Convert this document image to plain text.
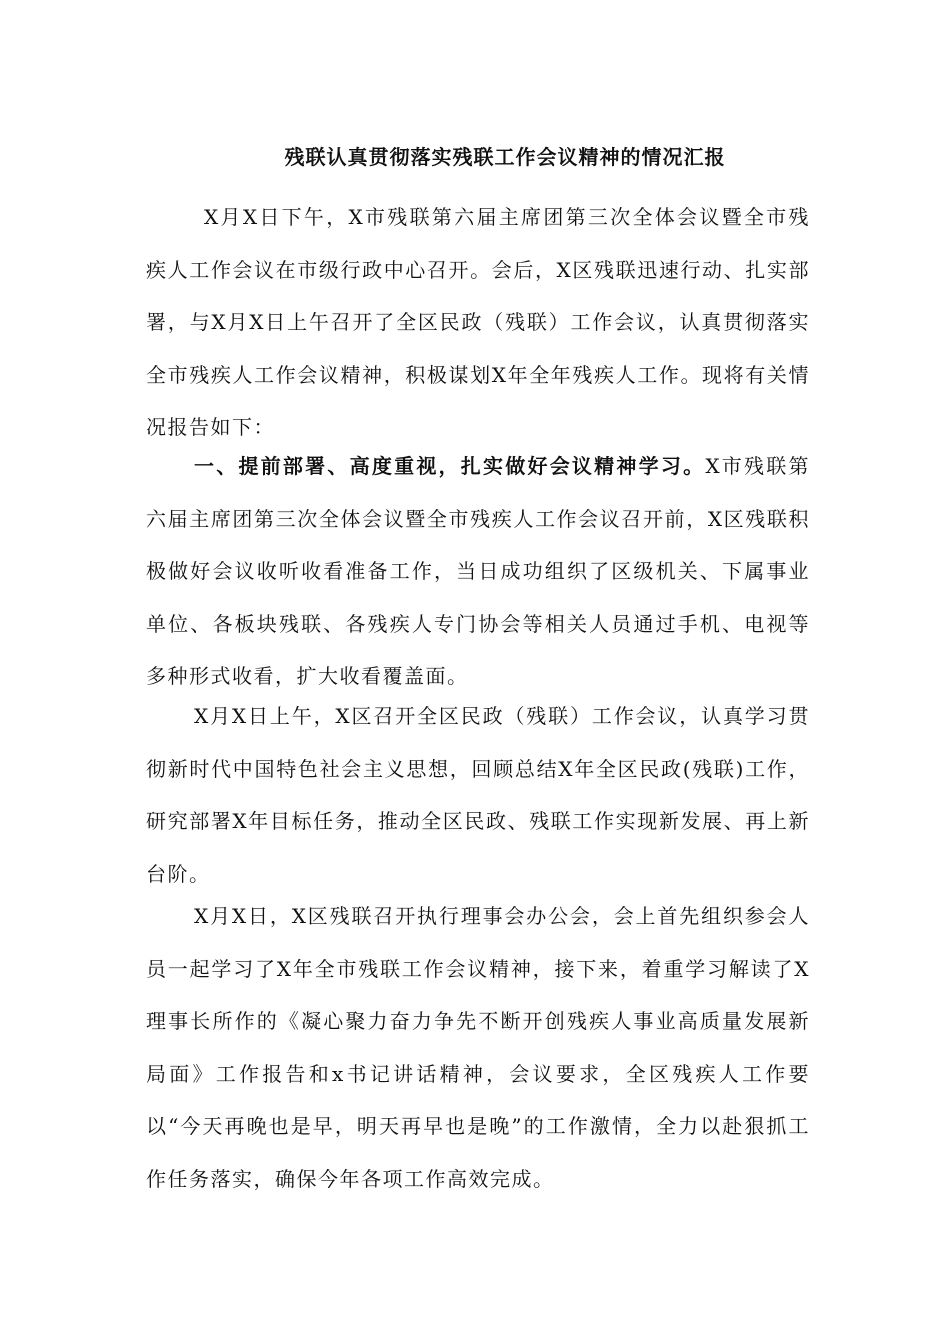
残联认真贯彻落实残联工作会议精神的情况汇报

X月X日下午，X市残联第六届主席团第三次全体会议暨全市残疾人工作会议在市级行政中心召开。会后，X区残联迅速行动、扎实部署，与X月X日上午召开了全区民政（残联）工作会议，认真贯彻落实全市残疾人工作会议精神，积极谋划X年全年残疾人工作。现将有关情况报告如下：

一、提前部署、高度重视，扎实做好会议精神学习。X市残联第六届主席团第三次全体会议暨全市残疾人工作会议召开前，X区残联积极做好会议收听收看准备工作，当日成功组织了区级机关、下属事业单位、各板块残联、各残疾人专门协会等相关人员通过手机、电视等多种形式收看，扩大收看覆盖面。

X月X日上午，X区召开全区民政（残联）工作会议，认真学习贯彻新时代中国特色社会主义思想，回顾总结X年全区民政(残联)工作，研究部署X年目标任务，推动全区民政、残联工作实现新发展、再上新台阶。

X月X日，X区残联召开执行理事会办公会，会上首先组织参会人员一起学习了X年全市残联工作会议精神，接下来，着重学习解读了X理事长所作的《凝心聚力奋力争先不断开创残疾人事业高质量发展新局面》工作报告和x书记讲话精神，会议要求，全区残疾人工作要以“今天再晚也是早，明天再早也是晚”的工作激情，全力以赴狠抓工作任务落实，确保今年各项工作高效完成。
